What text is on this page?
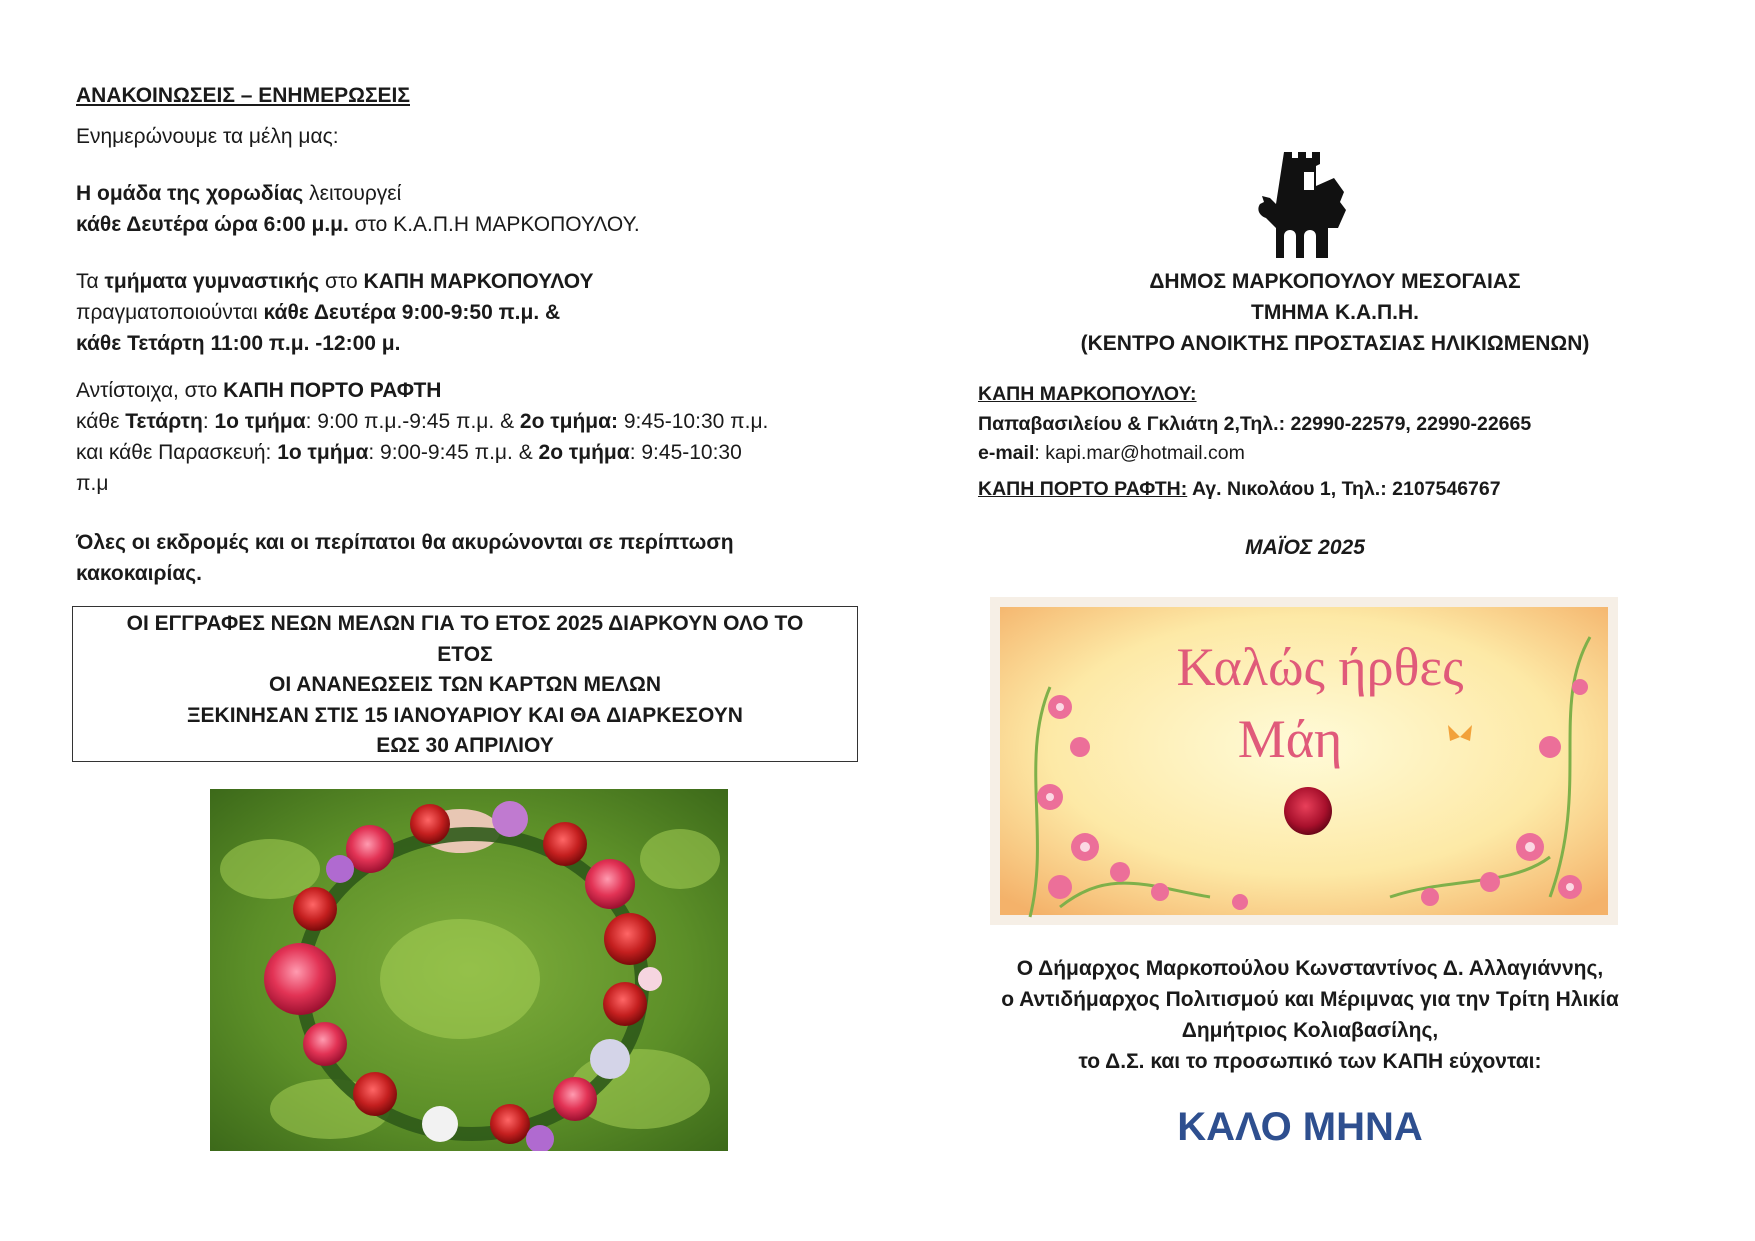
ΑΝΑΚΟΙΝΩΣΕΙΣ – ΕΝΗΜΕΡΩΣΕΙΣ

Ενημερώνουμε τα μέλη μας:

Η ομάδα της χορωδίας λειτουργεί
κάθε Δευτέρα ώρα 6:00 μ.μ. στο Κ.Α.Π.Η ΜΑΡΚΟΠΟΥΛΟΥ.

Τα τμήματα γυμναστικής στο ΚΑΠΗ ΜΑΡΚΟΠΟΥΛΟΥ
πραγματοποιούνται κάθε Δευτέρα 9:00-9:50 π.μ. &
κάθε Τετάρτη 11:00 π.μ. -12:00 μ.

Αντίστοιχα, στο ΚΑΠΗ ΠΟΡΤΟ ΡΑΦΤΗ
κάθε Τετάρτη: 1ο τμήμα: 9:00 π.μ.-9:45 π.μ. & 2ο τμήμα: 9:45-10:30 π.μ.
και κάθε Παρασκευή: 1ο τμήμα: 9:00-9:45 π.μ. & 2ο τμήμα: 9:45-10:30
π.μ

Όλες οι εκδρομές και οι περίπατοι θα ακυρώνονται σε περίπτωση κακοκαιρίας.

ΟΙ ΕΓΓΡΑΦΕΣ ΝΕΩΝ ΜΕΛΩΝ ΓΙΑ ΤΟ ΕΤΟΣ 2025 ΔΙΑΡΚΟΥΝ ΟΛΟ ΤΟ
ΕΤΟΣ
ΟΙ ΑΝΑΝΕΩΣΕΙΣ ΤΩΝ ΚΑΡΤΩΝ ΜΕΛΩΝ
ΞΕΚΙΝΗΣΑΝ ΣΤΙΣ 15 ΙΑΝΟΥΑΡΙΟΥ ΚΑΙ ΘΑ ΔΙΑΡΚΕΣΟΥΝ
ΕΩΣ 30 ΑΠΡΙΛΙΟΥ
ΔΗΜΟΣ ΜΑΡΚΟΠΟΥΛΟΥ ΜΕΣΟΓΑΙΑΣ
ΤΜΗΜΑ Κ.Α.Π.Η.
(ΚΕΝΤΡΟ ΑΝΟΙΚΤΗΣ ΠΡΟΣΤΑΣΙΑΣ ΗΛΙΚΙΩΜΕΝΩΝ)
ΚΑΠΗ ΜΑΡΚΟΠΟΥΛΟΥ:
Παπαβασιλείου & Γκλιάτη 2,Τηλ.: 22990-22579, 22990-22665
e-mail: kapi.mar@hotmail.com
ΚΑΠΗ ΠΟΡΤΟ ΡΑΦΤΗ: Αγ. Νικολάου 1, Τηλ.: 2107546767
ΜΑΪΟΣ 2025
Καλώς ήρθες
Μάη
Ο Δήμαρχος Μαρκοπούλου Κωνσταντίνος Δ. Αλλαγιάννης,
ο Αντιδήμαρχος Πολιτισμού και Μέριμνας για την Τρίτη Ηλικία
Δημήτριος Κολιαβασίλης,
το Δ.Σ. και το προσωπικό των ΚΑΠΗ εύχονται:
ΚΑΛΟ ΜΗΝΑ
